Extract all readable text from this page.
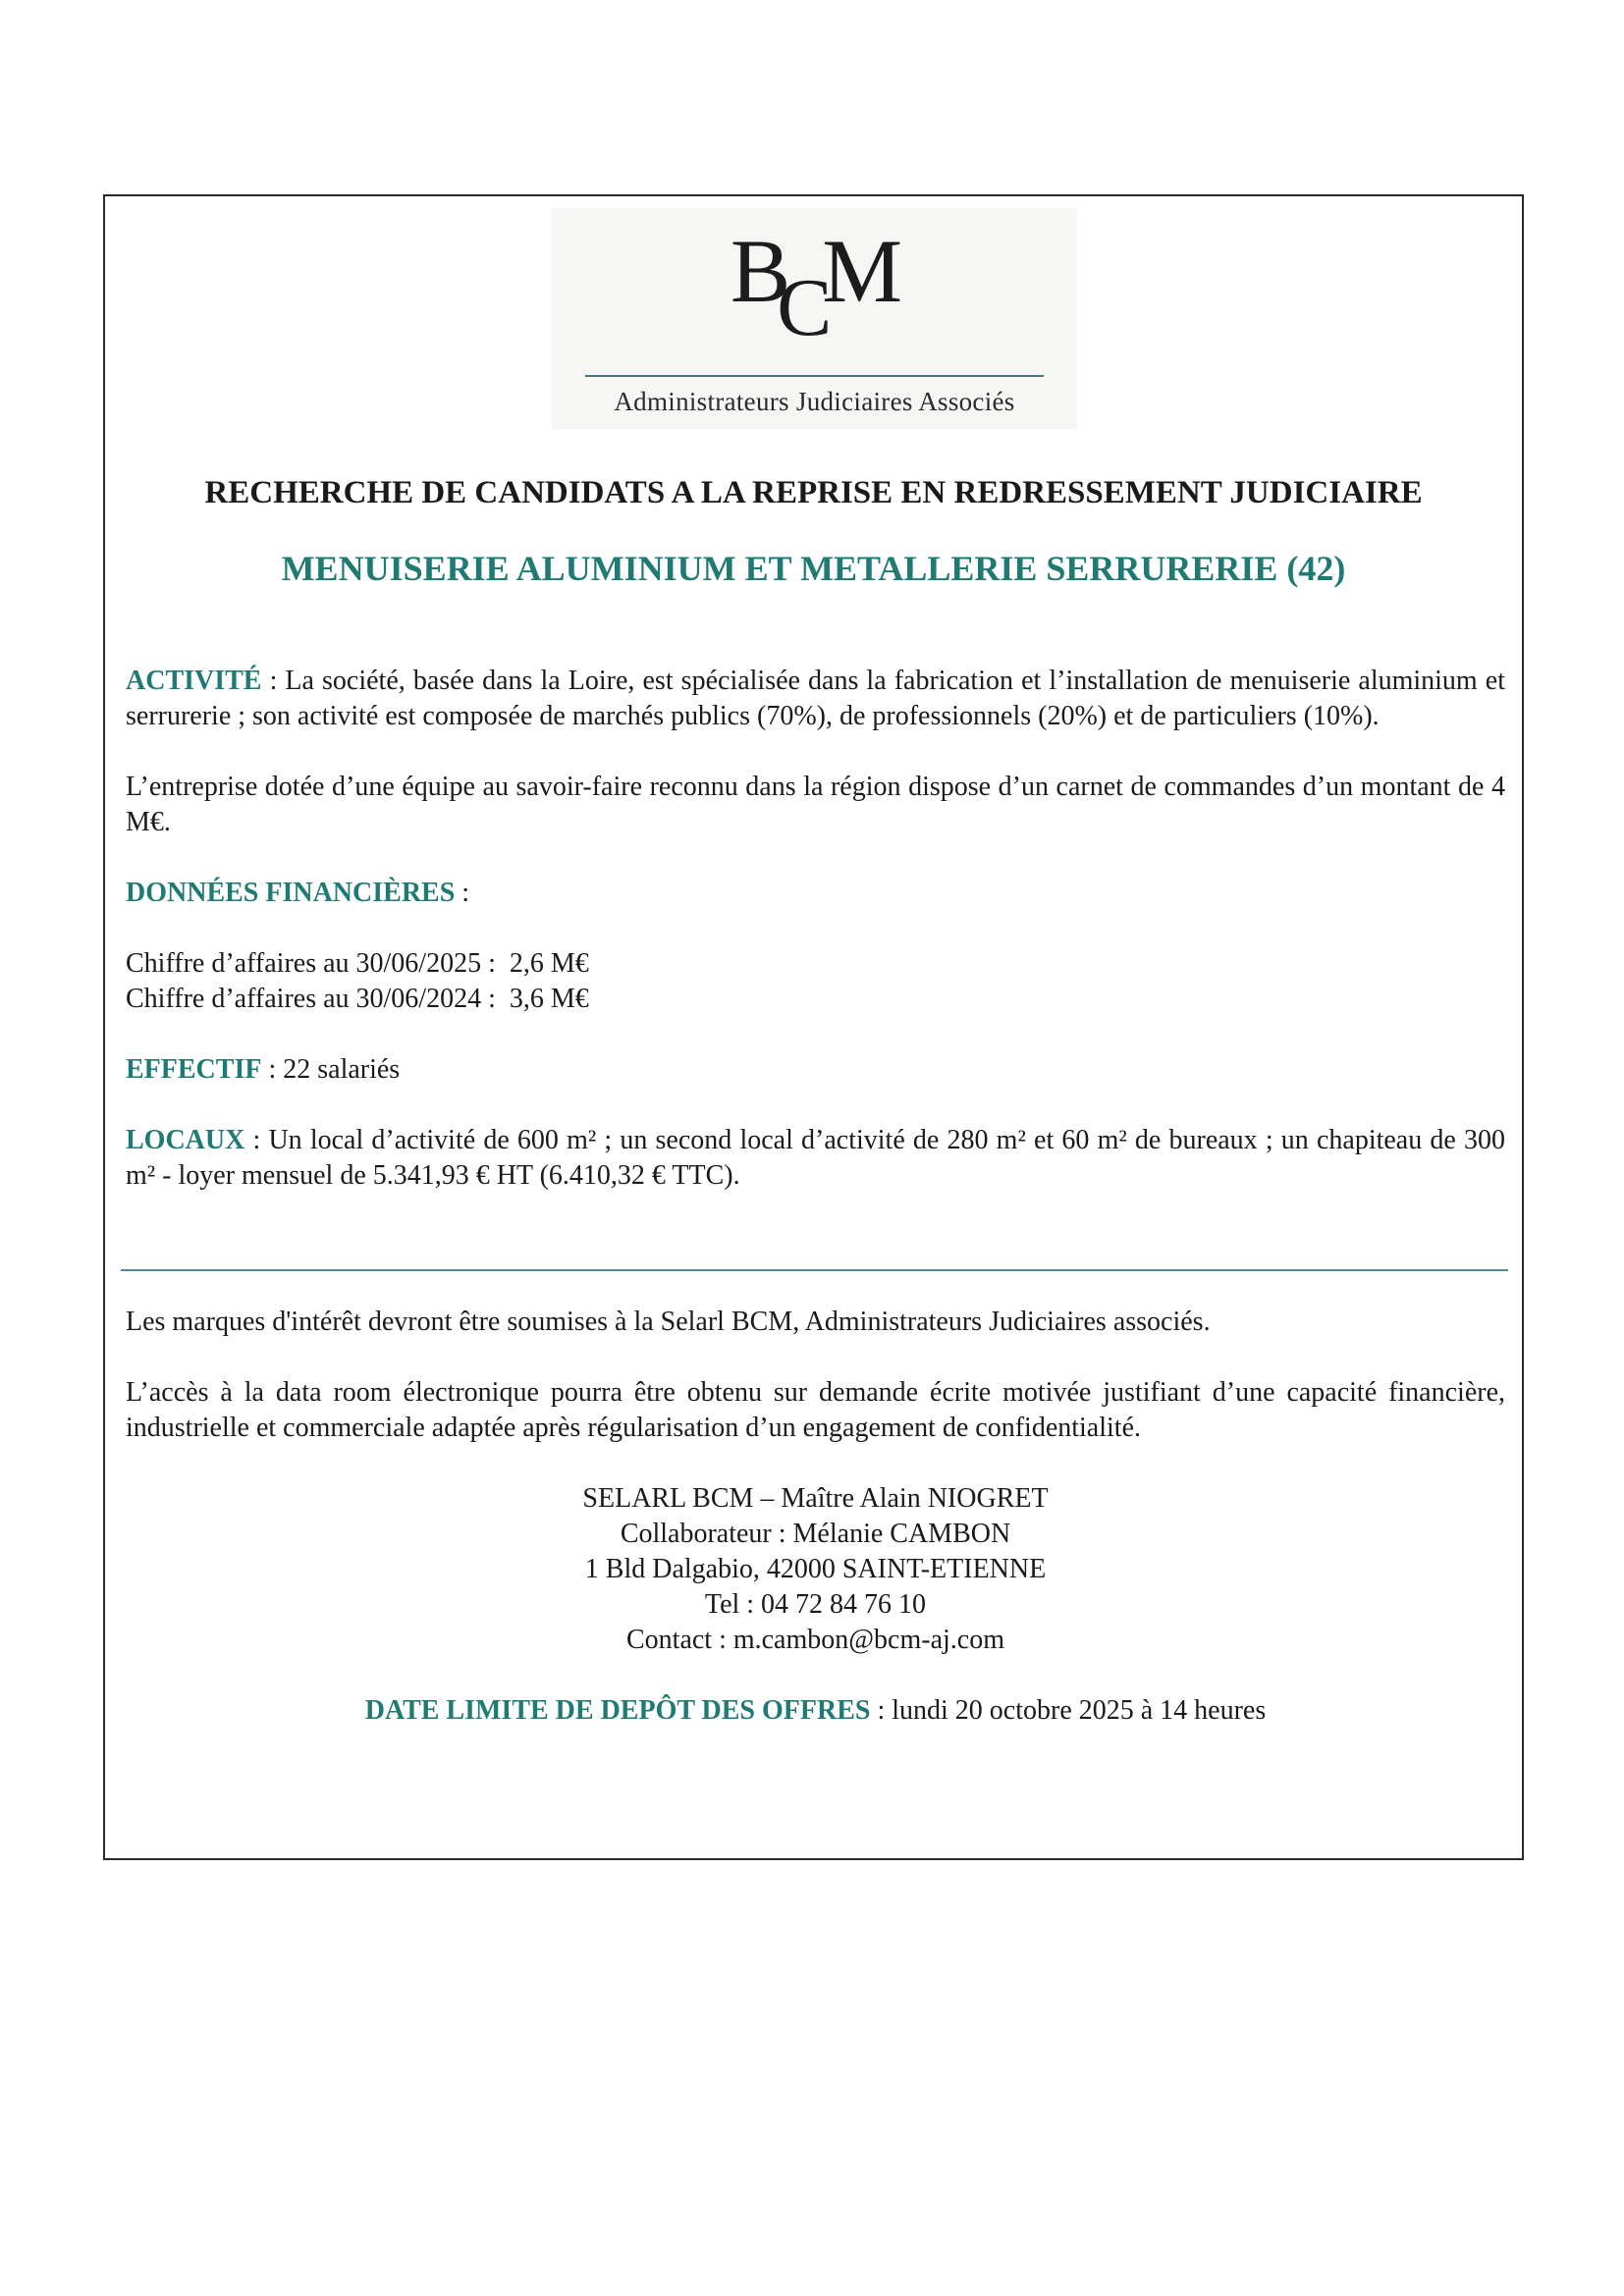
BCM
Administrateurs Judiciaires Associés
RECHERCHE DE CANDIDATS A LA REPRISE EN REDRESSEMENT JUDICIAIRE
MENUISERIE ALUMINIUM ET METALLERIE SERRURERIE (42)

ACTIVITÉ : La société, basée dans la Loire, est spécialisée dans la fabrication et l’installation de menuiserie aluminium et serrurerie ; son activité est composée de marchés publics (70%), de professionnels (20%) et de particuliers (10%).

L’entreprise dotée d’une équipe au savoir-faire reconnu dans la région dispose d’un carnet de commandes d’un montant de 4 M€.

DONNÉES FINANCIÈRES :

Chiffre d’affaires au 30/06/2025 :  2,6 M€

Chiffre d’affaires au 30/06/2024 :  3,6 M€

EFFECTIF : 22 salariés

LOCAUX : Un local d’activité de 600 m² ; un second local d’activité de 280 m² et 60 m² de bureaux ; un chapiteau de 300 m² - loyer mensuel de 5.341,93 € HT (6.410,32 € TTC).

Les marques d'intérêt devront être soumises à la Selarl BCM, Administrateurs Judiciaires associés.

L’accès à la data room électronique pourra être obtenu sur demande écrite motivée justifiant d’une capacité financière, industrielle et commerciale adaptée après régularisation d’un engagement de confidentialité.

SELARL BCM – Maître Alain NIOGRET

Collaborateur : Mélanie CAMBON

1 Bld Dalgabio, 42000 SAINT-ETIENNE

Tel : 04 72 84 76 10

Contact : m.cambon@bcm-aj.com

DATE LIMITE DE DEPÔT DES OFFRES : lundi 20 octobre 2025 à 14 heures
